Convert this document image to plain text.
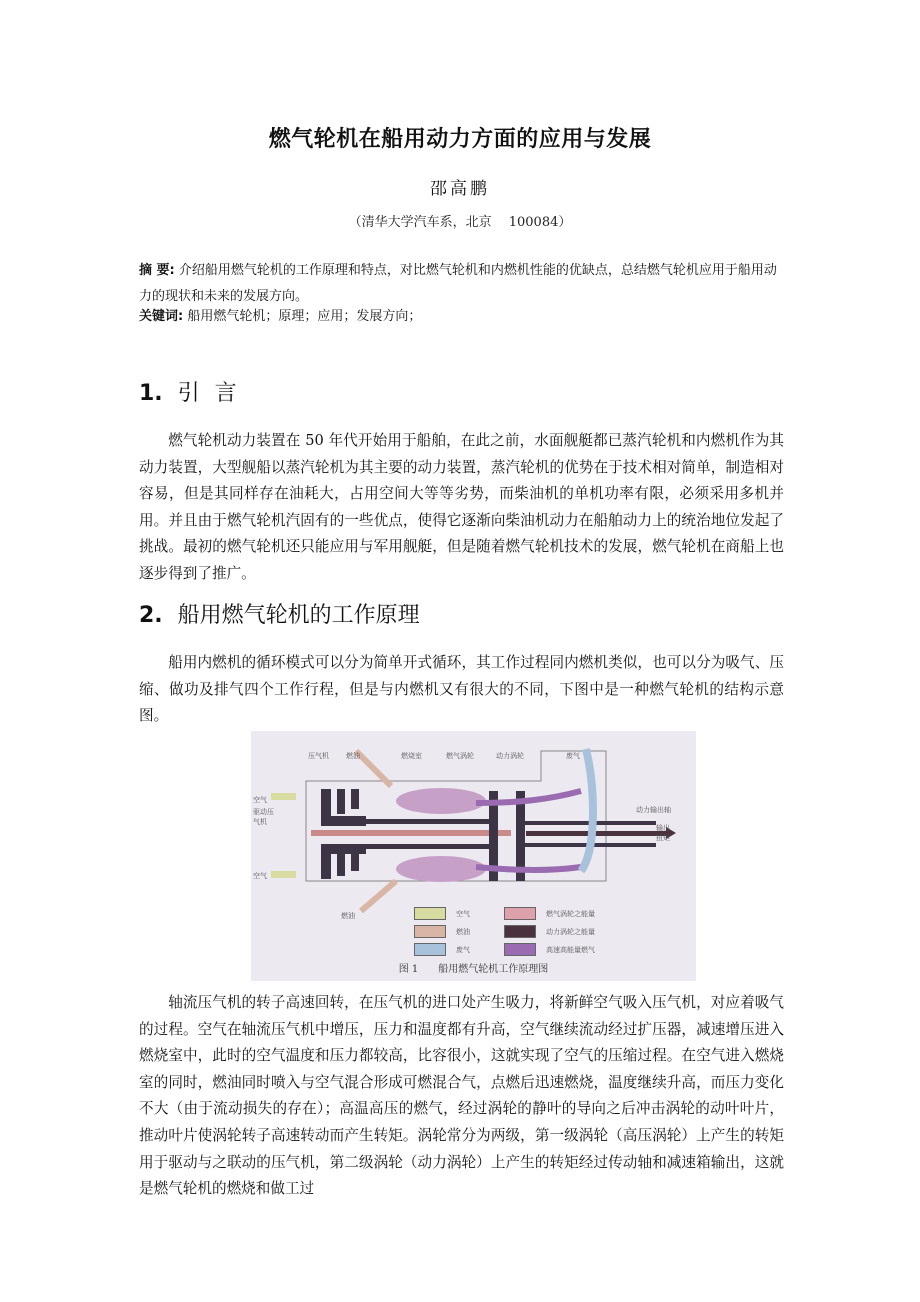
燃气轮机在船用动力方面的应用与发展
邵高鹏
（清华大学汽车系，北京　 100084）
摘 要: 介绍船用燃气轮机的工作原理和特点，对比燃气轮机和内燃机性能的优缺点，总结燃气轮机应用于船用动力的现状和未来的发展方向。
关键词: 船用燃气轮机；原理；应用；发展方向；
1. 引 言
燃气轮机动力装置在 50 年代开始用于船舶，在此之前，水面舰艇都已蒸汽轮机和内燃机作为其动力装置，大型舰船以蒸汽轮机为其主要的动力装置，蒸汽轮机的优势在于技术相对简单，制造相对容易，但是其同样存在油耗大，占用空间大等等劣势，而柴油机的单机功率有限，必须采用多机并用。并且由于燃气轮机汽固有的一些优点，使得它逐渐向柴油机动力在船舶动力上的统治地位发起了挑战。最初的燃气轮机还只能应用与军用舰艇，但是随着燃气轮机技术的发展，燃气轮机在商船上也逐步得到了推广。
2. 船用燃气轮机的工作原理
船用内燃机的循环模式可以分为简单开式循环，其工作过程同内燃机类似，也可以分为吸气、压缩、做功及排气四个工作行程，但是与内燃机又有很大的不同，下图中是一种燃气轮机的结构示意图。
压气机 燃油	燃烧室	燃气涡轮	动力涡轮	废气
空气
驱动压气机
空气
燃油
动力输出轴
输出扭矩
空气
燃油
废气
燃气涡轮之能量
动力涡轮之能量
高速高能量燃气
图 1　　船用燃气轮机工作原理图
轴流压气机的转子高速回转，在压气机的进口处产生吸力，将新鲜空气吸入压气机，对应着吸气的过程。空气在轴流压气机中增压，压力和温度都有升高，空气继续流动经过扩压器，减速增压进入燃烧室中，此时的空气温度和压力都较高，比容很小，这就实现了空气的压缩过程。在空气进入燃烧室的同时，燃油同时喷入与空气混合形成可燃混合气，点燃后迅速燃烧，温度继续升高，而压力变化不大（由于流动损失的存在）；高温高压的燃气，经过涡轮的静叶的导向之后冲击涡轮的动叶叶片，推动叶片使涡轮转子高速转动而产生转矩。涡轮常分为两级，第一级涡轮（高压涡轮）上产生的转矩用于驱动与之联动的压气机，第二级涡轮（动力涡轮）上产生的转矩经过传动轴和减速箱输出，这就是燃气轮机的燃烧和做工过
